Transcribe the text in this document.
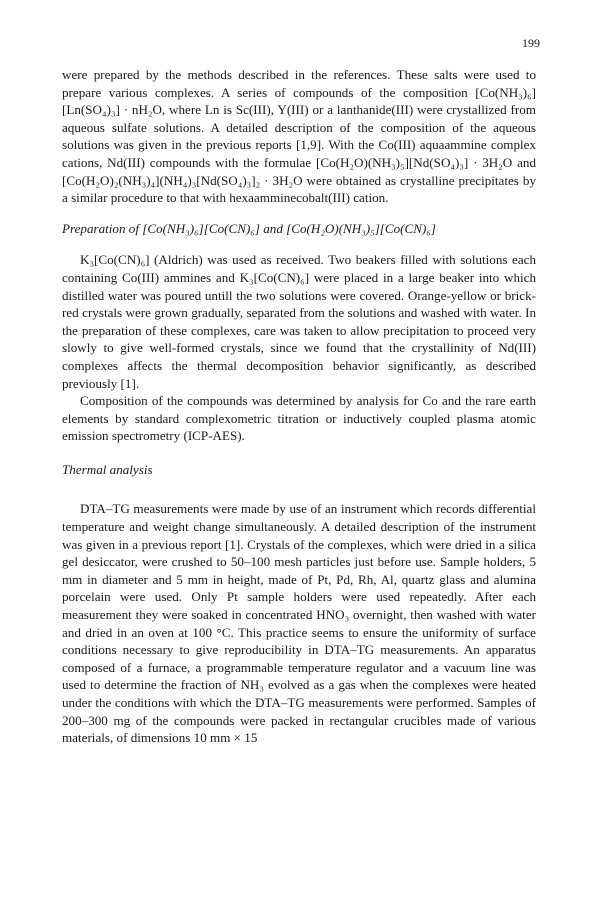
199

were prepared by the methods described in the references. These salts were used to prepare various complexes. A series of compounds of the composition [Co(NH₃)₆][Ln(SO₄)₃] · nH₂O, where Ln is Sc(III), Y(III) or a lanthanide(III) were crystallized from aqueous sulfate solutions. A detailed description of the composition of the aqueous solutions was given in the previous reports [1,9]. With the Co(III) aquaammine complex cations, Nd(III) compounds with the formulae [Co(H₂O)(NH₃)₅][Nd(SO₄)₃] · 3H₂O and [Co(H₂O)₂(NH₃)₄](NH₄)₃[Nd(SO₄)₃]₂ · 3H₂O were obtained as crystalline precipitates by a similar procedure to that with hexaamminecobalt(III) cation.

Preparation of [Co(NH₃)₆][Co(CN)₆] and [Co(H₂O)(NH₃)₅][Co(CN)₆]

K₃[Co(CN)₆] (Aldrich) was used as received. Two beakers filled with solutions each containing Co(III) ammines and K₃[Co(CN)₆] were placed in a large beaker into which distilled water was poured untill the two solutions were covered. Orange-yellow or brick-red crystals were grown gradually, separated from the solutions and washed with water. In the preparation of these complexes, care was taken to allow precipitation to proceed very slowly to give well-formed crystals, since we found that the crystallinity of Nd(III) complexes affects the thermal decomposition behavior significantly, as described previously [1].

Composition of the compounds was determined by analysis for Co and the rare earth elements by standard complexometric titration or inductively coupled plasma atomic emission spectrometry (ICP-AES).

Thermal analysis

DTA–TG measurements were made by use of an instrument which records differential temperature and weight change simultaneously. A detailed description of the instrument was given in a previous report [1]. Crystals of the complexes, which were dried in a silica gel desiccator, were crushed to 50–100 mesh particles just before use. Sample holders, 5 mm in diameter and 5 mm in height, made of Pt, Pd, Rh, Al, quartz glass and alumina porcelain were used. Only Pt sample holders were used repeatedly. After each measurement they were soaked in concentrated HNO₃ overnight, then washed with water and dried in an oven at 100 °C. This practice seems to ensure the uniformity of surface conditions necessary to give reproducibility in DTA–TG measurements. An apparatus composed of a furnace, a programmable temperature regulator and a vacuum line was used to determine the fraction of NH₃ evolved as a gas when the complexes were heated under the conditions with which the DTA–TG measurements were performed. Samples of 200–300 mg of the compounds were packed in rectangular crucibles made of various materials, of dimensions 10 mm × 15
